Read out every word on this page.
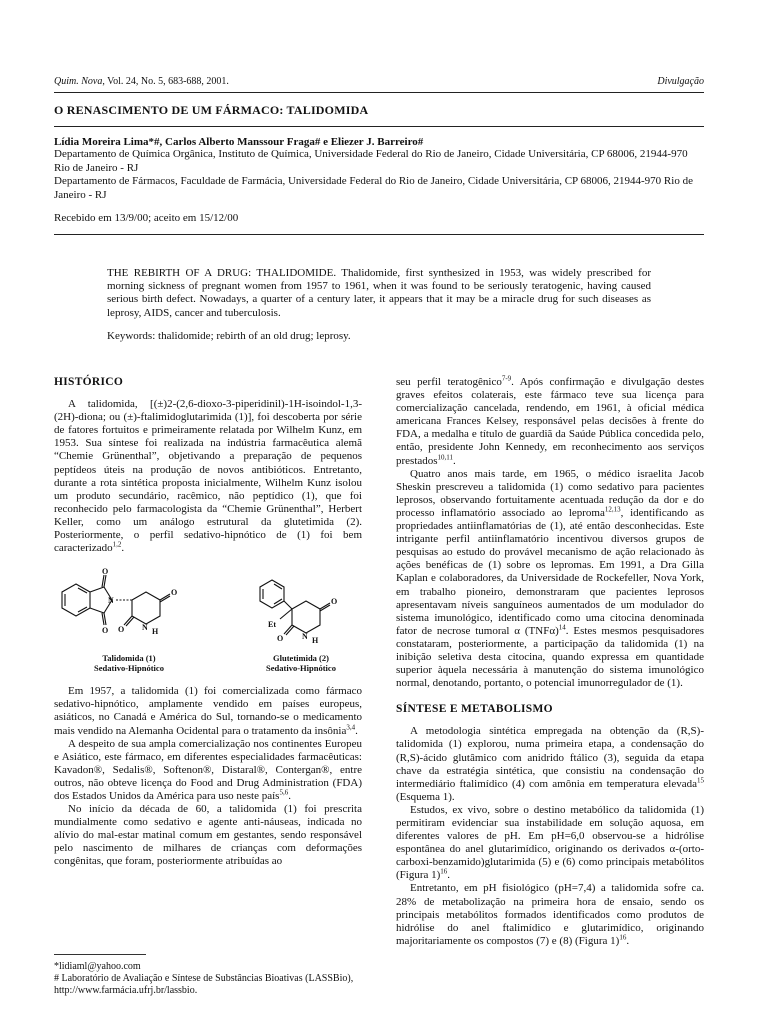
Quim. Nova, Vol. 24, No. 5, 683-688, 2001.	Divulgação
O RENASCIMENTO DE UM FÁRMACO: TALIDOMIDA
Lídia Moreira Lima*#, Carlos Alberto Manssour Fraga# e Eliezer J. Barreiro#
Departamento de Química Orgânica, Instituto de Química, Universidade Federal do Rio de Janeiro, Cidade Universitária, CP 68006, 21944-970 Rio de Janeiro - RJ
Departamento de Fármacos, Faculdade de Farmácia, Universidade Federal do Rio de Janeiro, Cidade Universitária, CP 68006, 21944-970 Rio de Janeiro - RJ
Recebido em 13/9/00; aceito em 15/12/00
THE REBIRTH OF A DRUG: THALIDOMIDE. Thalidomide, first synthesized in 1953, was widely prescribed for morning sickness of pregnant women from 1957 to 1961, when it was found to be seriously teratogenic, having caused serious birth defect. Nowadays, a quarter of a century later, it appears that it may be a miracle drug for such diseases as leprosy, AIDS, cancer and tuberculosis.
Keywords: thalidomide; rebirth of an old drug; leprosy.
HISTÓRICO

A talidomida, [(±)2-(2,6-dioxo-3-piperidinil)-1H-isoindol-1,3-(2H)-diona; ou (±)-ftalimidoglutarimida (1)], foi descoberta por série de fatores fortuitos e primeiramente relatada por Wilhelm Kunz, em 1953. Sua síntese foi realizada na indústria farmacêutica alemã “Chemie Grünenthal”, objetivando a preparação de pequenos peptídeos úteis na produção de novos antibióticos. Entretanto, durante a rota sintética proposta inicialmente, Wilhelm Kunz isolou um produto secundário, racêmico, não peptídico (1), que foi reconhecido pelo farmacologista da “Chemie Grünenthal”, Herbert Keller, como um análogo estrutural da glutetimida (2). Posteriormente, o perfil sedativo-hipnótico de (1) foi bem caracterizado$^{1,2}$.

N
O
O
O
O N H
Et
O
O N H
Talidomida (1)
Sedativo-Hipnótico
Glutetimida (2)
Sedativo-Hipnótico

Em 1957, a talidomida (1) foi comercializada como fármaco sedativo-hipnótico, amplamente vendido em países europeus, asiáticos, no Canadá e América do Sul, tornando-se o medicamento mais vendido na Alemanha Ocidental para o tratamento da insônia$^{3,4}$.

A despeito de sua ampla comercialização nos continentes Europeu e Asiático, este fármaco, em diferentes especialidades farmacêuticas: Kavadon®, Sedalis®, Softenon®, Distaral®, Contergan®, entre outros, não obteve licença do Food and Drug Administration (FDA) dos Estados Unidos da América para uso neste país$^{5,6}$.

No início da década de 60, a talidomida (1) foi prescrita mundialmente como sedativo e agente anti-náuseas, indicada no alívio do mal-estar matinal comum em gestantes, sendo responsável pelo nascimento de milhares de crianças com deformações congênitas, que foram, posteriormente atribuídas ao

seu perfil teratogênico$^{7-9}$. Após confirmação e divulgação destes graves efeitos colaterais, este fármaco teve sua licença para comercialização cancelada, rendendo, em 1961, à oficial médica americana Frances Kelsey, responsável pelas decisões à frente do FDA, a medalha e título de guardiã da Saúde Pública concedida pelo, então, presidente John Kennedy, em reconhecimento aos serviços prestados$^{10,11}$.

Quatro anos mais tarde, em 1965, o médico israelita Jacob Sheskin prescreveu a talidomida (1) como sedativo para pacientes leprosos, observando fortuitamente acentuada redução da dor e do processo inflamatório associado ao leproma$^{12,13}$, identificando as propriedades antiinflamatórias de (1), até então desconhecidas. Este intrigante perfil antiinflamatório incentivou diversos grupos de pesquisas ao estudo do provável mecanismo de ação relacionado às ações benéficas de (1) sobre os lepromas. Em 1991, a Dra Gilla Kaplan e colaboradores, da Universidade de Rockefeller, Nova York, em trabalho pioneiro, demonstraram que pacientes leprosos apresentavam níveis sanguíneos aumentados de um modulador do sistema imunológico, identificado como uma citocina denominada fator de necrose tumoral α $(TNF\alpha)^{14}$. Estes mesmos pesquisadores constataram, posteriormente, a participação da talidomida (1) na inibição seletiva desta citocina, quando expressa em quantidade superior àquela necessária à manutenção do sistema imunológico normal, denotando, portanto, o potencial imunorregulador de (1).

SÍNTESE E METABOLISMO

A metodologia sintética empregada na obtenção da (R,S)-talidomida (1) explorou, numa primeira etapa, a condensação do (R,S)-ácido glutâmico com anidrido ftálico (3), seguida da etapa chave da estratégia sintética, que consistiu na condensação do intermediário ftalimídico (4) com amônia em temperatura elevada$^{15}$ (Esquema 1).

Estudos, ex vivo, sobre o destino metabólico da talidomida (1) permitiram evidenciar sua instabilidade em solução aquosa, em diferentes valores de pH. Em pH=6,0 observou-se a hidrólise espontânea do anel glutarimídico, originando os derivados α-(orto-carboxi-benzamido)glutarimida (5) e (6) como principais metabólitos (Figura 1)$^{16}$.

Entretanto, em pH fisiológico (pH=7,4) a talidomida sofre ca. 28% de metabolização na primeira hora de ensaio, sendo os principais metabólitos formados identificados como produtos de hidrólise do anel ftalimídico e glutarimídico, originando majoritariamente os compostos (7) e (8) (Figura 1)$^{16}$.

*lidiaml@yahoo.com
# Laboratório de Avaliação e Síntese de Substâncias Bioativas (LASSBio), http://www.farmácia.ufrj.br/lassbio.
